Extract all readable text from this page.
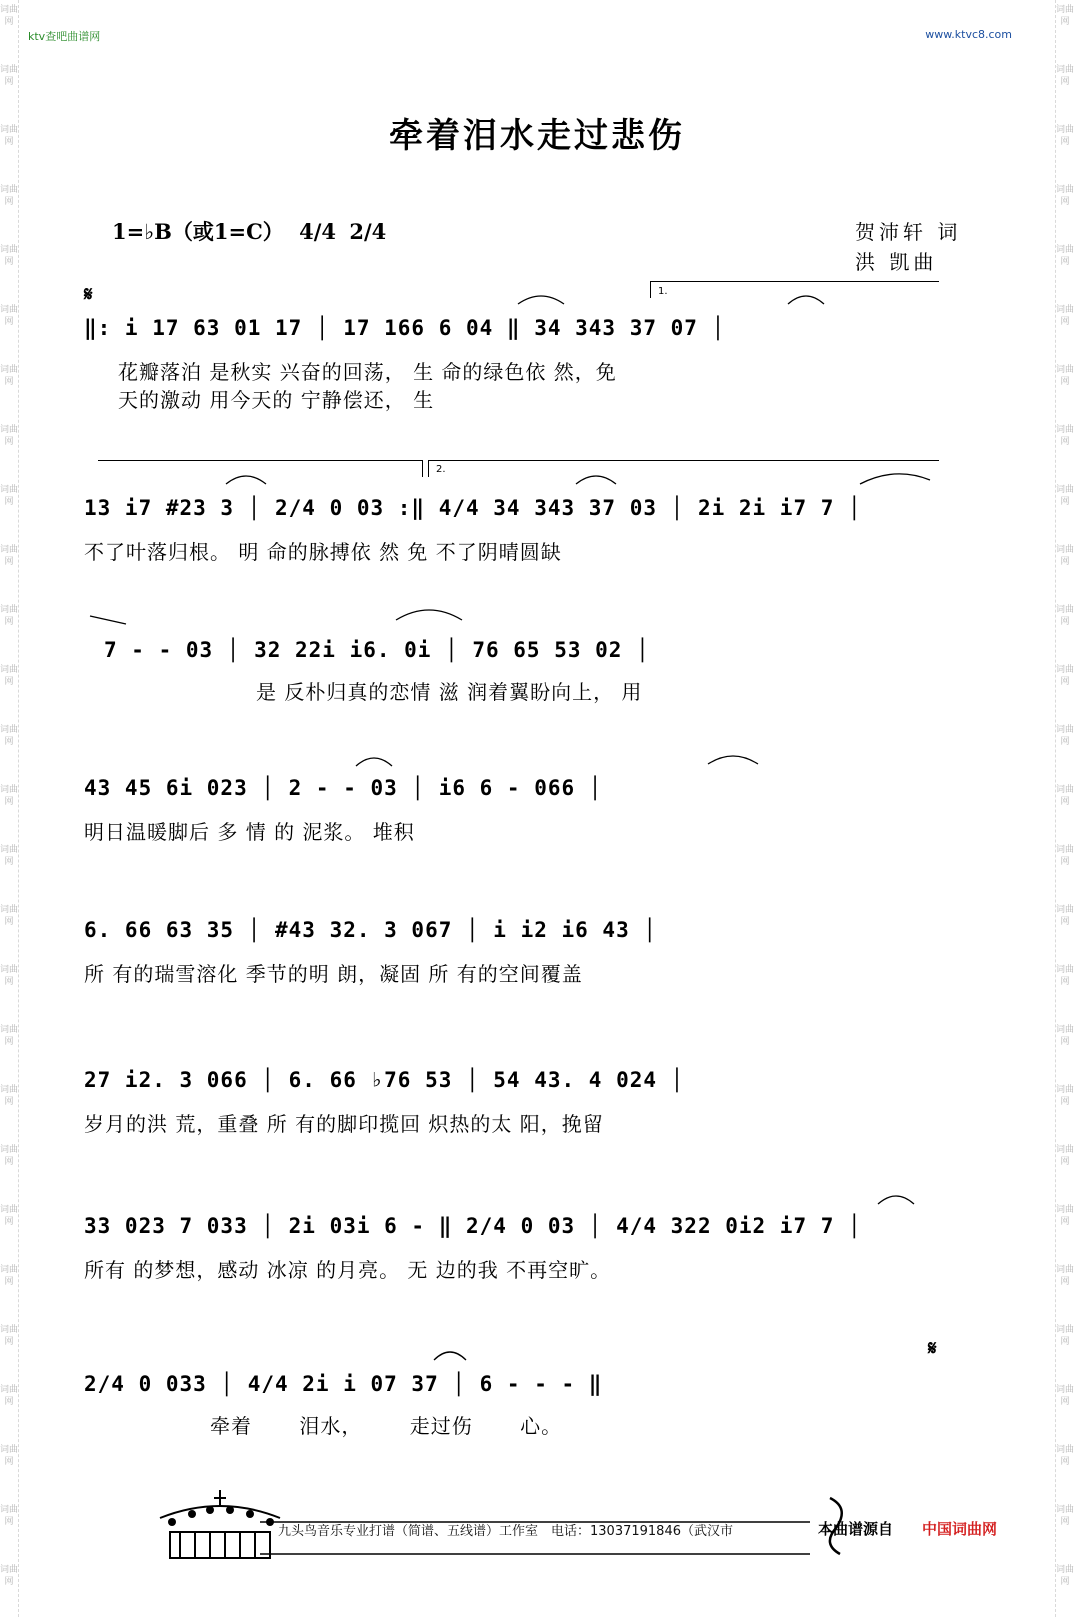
词曲网
词曲网
词曲网
词曲网
词曲网
词曲网
词曲网
词曲网
词曲网
词曲网
词曲网
词曲网
词曲网
词曲网
词曲网
词曲网
词曲网
词曲网
词曲网
词曲网
词曲网
词曲网
词曲网
词曲网
词曲网
词曲网
词曲网
词曲网
词曲网
词曲网
词曲网
词曲网
词曲网
词曲网
词曲网
词曲网
词曲网
词曲网
词曲网
词曲网
词曲网
词曲网
词曲网
词曲网
词曲网
词曲网
词曲网
词曲网
词曲网
词曲网
词曲网
词曲网
词曲网
词曲网
ktv查吧曲谱网	www.ktvc8.com
牵着泪水走过悲伤
1=♭B（或1=C） 4/4 2/4	贺沛轩 词
洪 凯曲
𝄋
𝄋
1.
2.
‖: i 17 63 01 17 │ 17 166 6 04 ‖ 34 343 37 07 │
花瓣落泊 是秋实 兴奋的回荡， 生 命的绿色依 然，免
天的激动 用今天的 宁静偿还， 生
13 i7 #23 3 │ 2/4 0 03 :‖ 4/4 34 343 37 03 │ 2i 2i i7 7 │
不了叶落归根。 明 命的脉搏依 然 免 不了阴晴圆缺
7 - - 03 │ 32 22i i6. 0i │ 76 65 53 02 │
是 反朴归真的恋情 滋 润着翼盼向上， 用
43 45 6i 023 │ 2 - - 03 │ i6 6 - 066 │
明日温暖脚后 多 情 的 泥浆。 堆积
6. 66 63 35 │ #43 32. 3 067 │ i i2 i6 43 │
所 有的瑞雪溶化 季节的明 朗，凝固 所 有的空间覆盖
27 i2. 3 066 │ 6. 66 ♭76 53 │ 54 43. 4 024 │
岁月的洪 荒，重叠 所 有的脚印揽回 炽热的太 阳，挽留
33 023 7 033 │ 2i 03i 6 - ‖ 2/4 0 03 │ 4/4 322 0i2 i7 7 │
所有 的梦想，感动 冰凉 的月亮。 无 边的我 不再空旷。
2/4 0 033 │ 4/4 2i i 07 37 │ 6 - - - ‖
牵着 泪水， 走过伤 心。
九头鸟音乐专业打谱（简谱、五线谱）工作室　电话：13037191846（武汉市	本曲谱源自 中国词曲网
